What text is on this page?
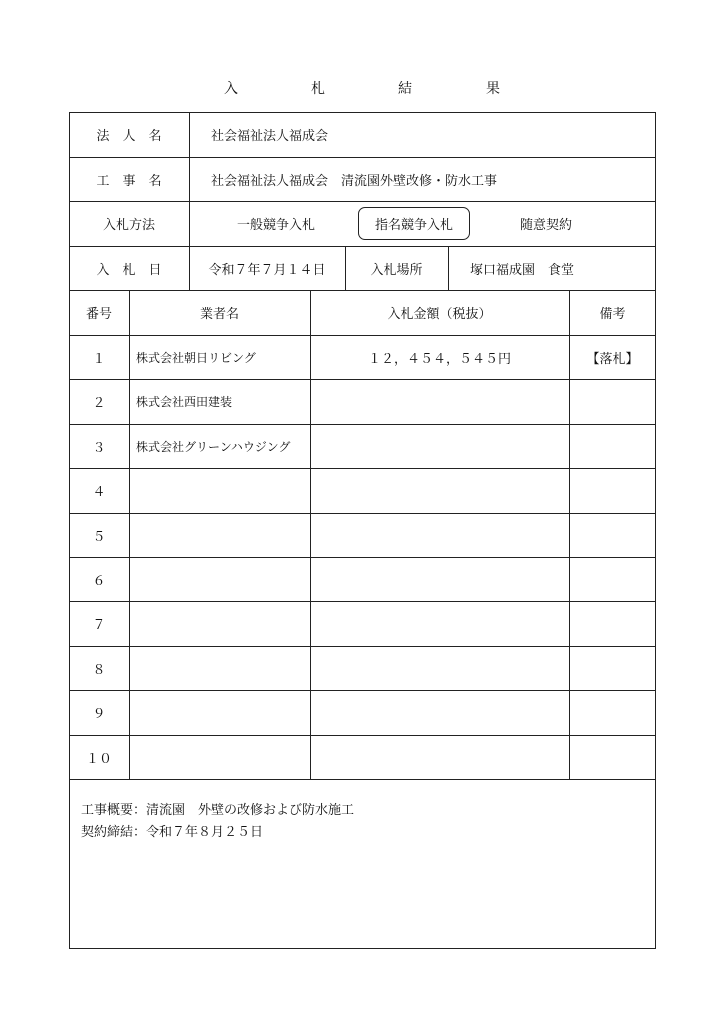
入	札	結	果
法　人　名	社会福祉法人福成会
工　事　名	社会福祉法人福成会　清流園外壁改修・防水工事
入札方法	一般競争入札	指名競争入札	随意契約
入　札　日	令和７年７月１４日	入札場所	塚口福成園　食堂
番号	業者名	入札金額（税抜）	備考
１	株式会社朝日リビング	１２，４５４，５４５円	【落札】
２	株式会社西田建装
３	株式会社グリーンハウジング
４
５
６
７
８
９
１０
工事概要：清流園　外壁の改修および防水施工
契約締結：令和７年８月２５日
